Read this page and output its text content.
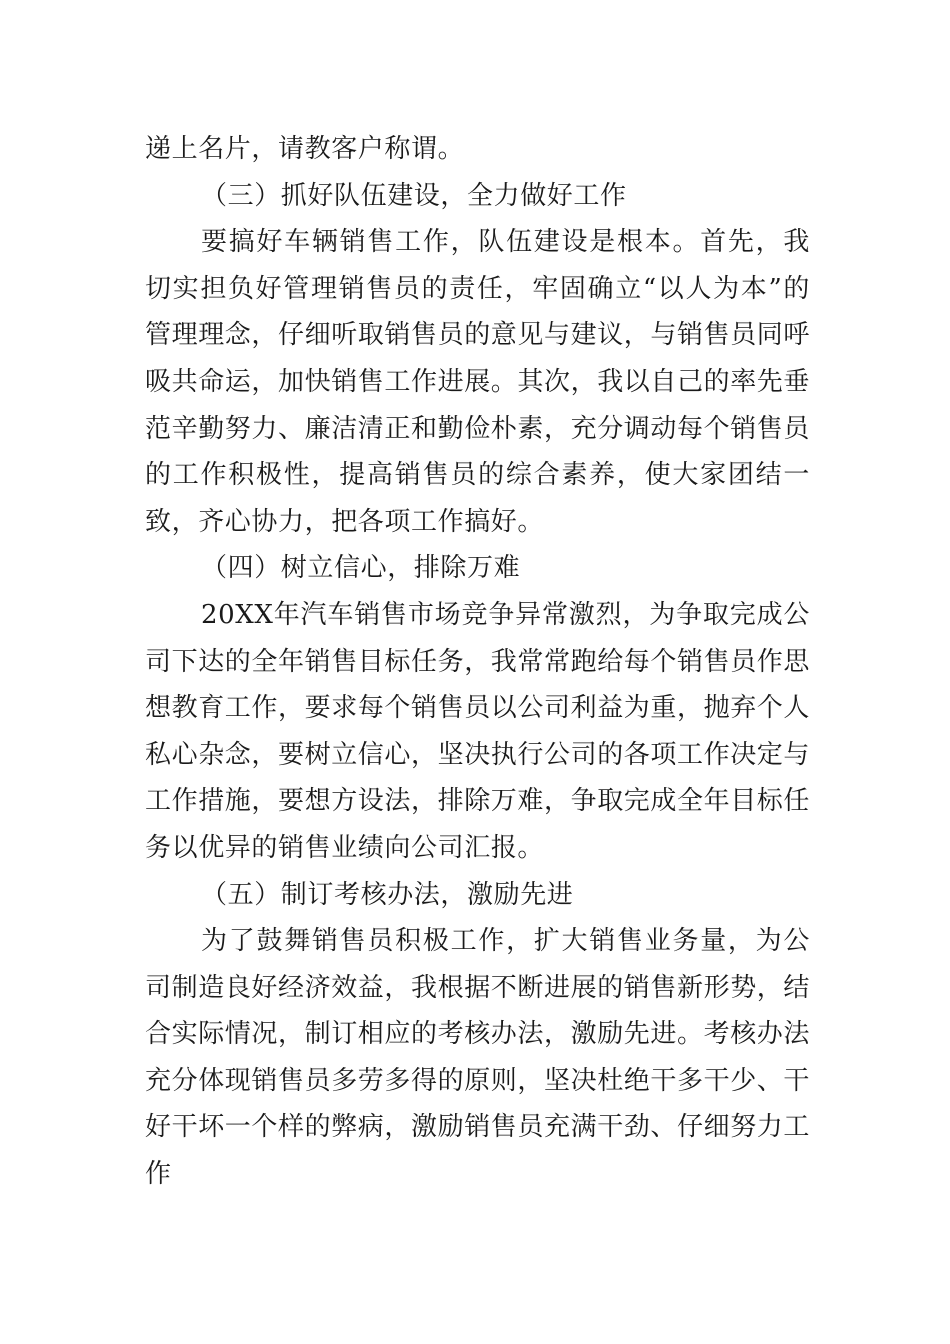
递上名片，请教客户称谓。

（三）抓好队伍建设，全力做好工作

要搞好车辆销售工作，队伍建设是根本。首先，我切实担负好管理销售员的责任，牢固确立“以人为本”的管理理念，仔细听取销售员的意见与建议，与销售员同呼吸共命运，加快销售工作进展。其次，我以自己的率先垂范辛勤努力、廉洁清正和勤俭朴素，充分调动每个销售员的工作积极性，提高销售员的综合素养，使大家团结一致，齐心协力，把各项工作搞好。

（四）树立信心，排除万难

20XX年汽车销售市场竞争异常激烈，为争取完成公司下达的全年销售目标任务，我常常跑给每个销售员作思想教育工作，要求每个销售员以公司利益为重，抛弃个人私心杂念，要树立信心，坚决执行公司的各项工作决定与工作措施，要想方设法，排除万难，争取完成全年目标任务以优异的销售业绩向公司汇报。

（五）制订考核办法，激励先进

为了鼓舞销售员积极工作，扩大销售业务量，为公司制造良好经济效益，我根据不断进展的销售新形势，结合实际情况，制订相应的考核办法，激励先进。考核办法充分体现销售员多劳多得的原则，坚决杜绝干多干少、干好干坏一个样的弊病，激励销售员充满干劲、仔细努力工作
